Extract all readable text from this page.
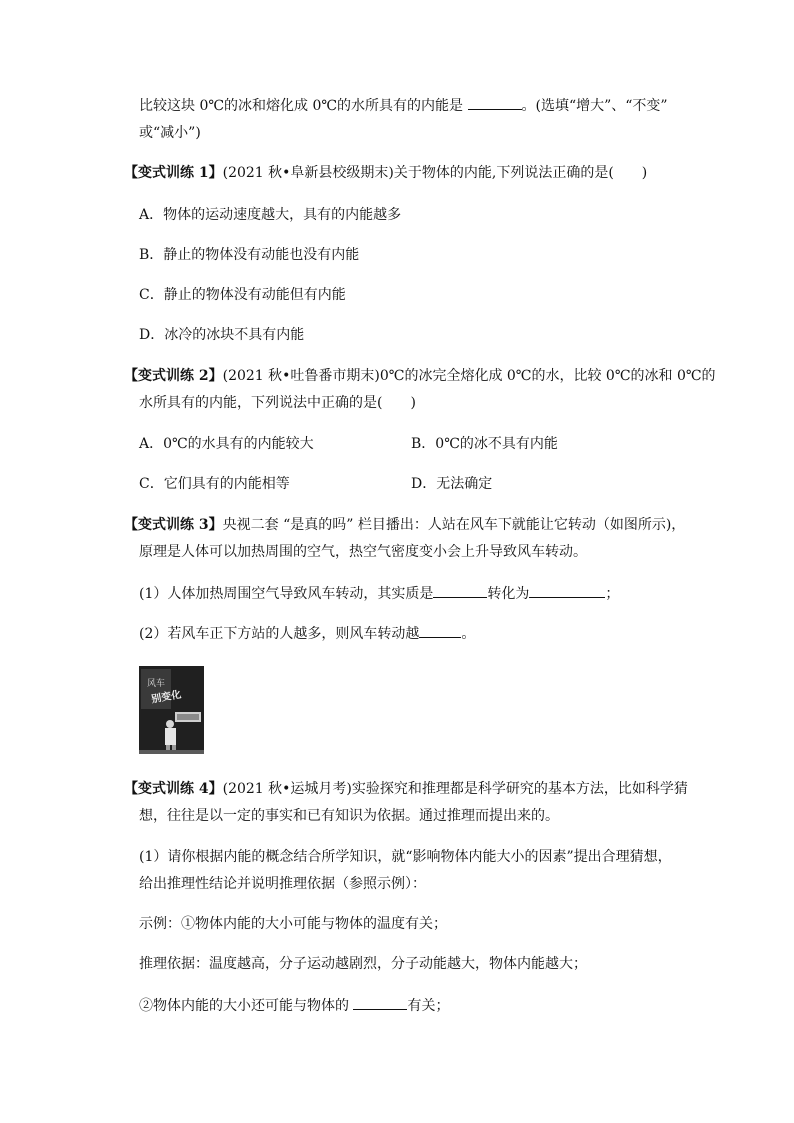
比较这块 0℃的冰和熔化成 0℃的水所具有的内能是	。(选填“增大”、“不变”
或“减小”)
【变式训练 1】(2021 秋•阜新县校级期末)关于物体的内能,下列说法正确的是(　　)
A．物体的运动速度越大，具有的内能越多
B．静止的物体没有动能也没有内能
C．静止的物体没有动能但有内能
D．冰冷的冰块不具有内能
【变式训练 2】(2021 秋•吐鲁番市期末)0℃的冰完全熔化成 0℃的水，比较 0℃的冰和 0℃的
水所具有的内能，下列说法中正确的是(　　)
A．0℃的水具有的内能较大	B．0℃的冰不具有内能
C．它们具有的内能相等	D．无法确定
【变式训练 3】央视二套 “是真的吗” 栏目播出：人站在风车下就能让它转动（如图所示)，
原理是人体可以加热周围的空气，热空气密度变小会上升导致风车转动。
(1）人体加热周围空气导致风车转动，其实质是	转化为	；
(2）若风车正下方站的人越多，则风车转动越	。
风车
别变化
【变式训练 4】(2021 秋•运城月考)实验探究和推理都是科学研究的基本方法，比如科学猜
想，往往是以一定的事实和已有知识为依据。通过推理而提出来的。
(1）请你根据内能的概念结合所学知识，就“影响物体内能大小的因素”提出合理猜想，
给出推理性结论并说明推理依据（参照示例）：
示例：①物体内能的大小可能与物体的温度有关；
推理依据：温度越高，分子运动越剧烈，分子动能越大，物体内能越大；
②物体内能的大小还可能与物体的	有关；
